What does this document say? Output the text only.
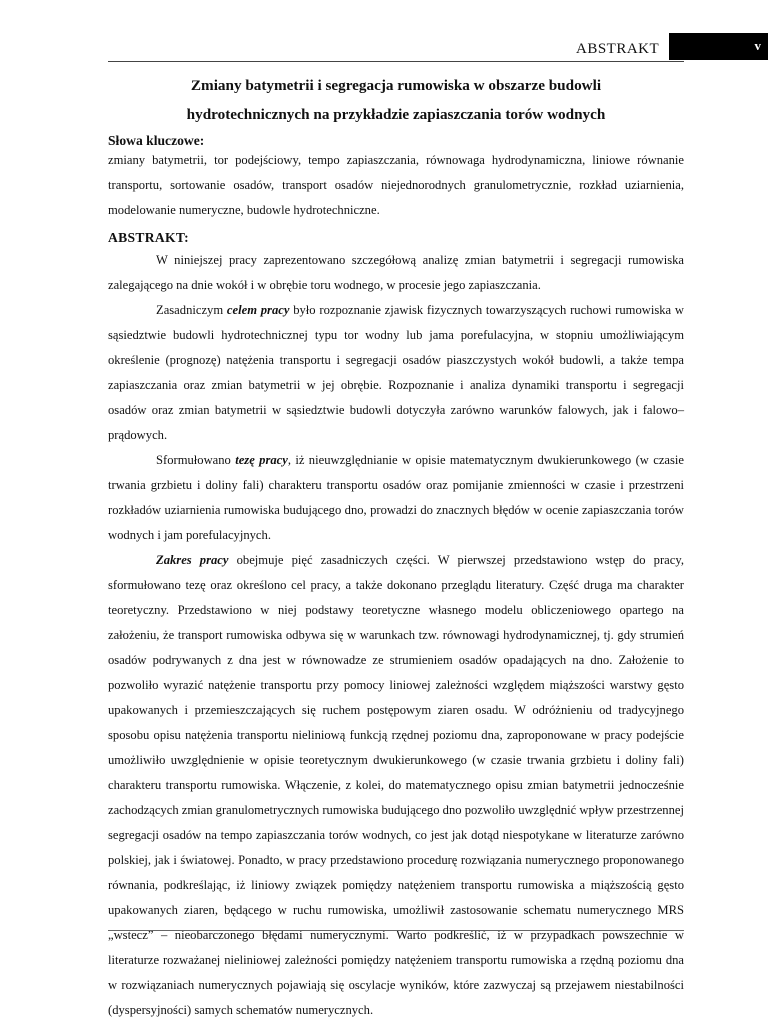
ABSTRAKT	v
Zmiany batymetrii i segregacja rumowiska w obszarze budowli
hydrotechnicznych na przykładzie zapiaszczania torów wodnych
Słowa kluczowe:

zmiany batymetrii, tor podejściowy, tempo zapiaszczania, równowaga hydrodynamiczna, liniowe równanie transportu, sortowanie osadów, transport osadów niejednorodnych granulometrycznie, rozkład uziarnienia, modelowanie numeryczne, budowle hydrotechniczne.

ABSTRAKT:

W niniejszej pracy zaprezentowano szczegółową analizę zmian batymetrii i segregacji rumowiska zalegającego na dnie wokół i w obrębie toru wodnego, w procesie jego zapiaszczania.

Zasadniczym celem pracy było rozpoznanie zjawisk fizycznych towarzyszących ruchowi rumowiska w sąsiedztwie budowli hydrotechnicznej typu tor wodny lub jama porefulacyjna, w stopniu umożliwiającym określenie (prognozę) natężenia transportu i segregacji osadów piaszczystych wokół budowli, a także tempa zapiaszczania oraz zmian batymetrii w jej obrębie. Rozpoznanie i analiza dynamiki transportu i segregacji osadów oraz zmian batymetrii w sąsiedztwie budowli dotyczyła zarówno warunków falowych, jak i falowo–prądowych.

Sformułowano tezę pracy, iż nieuwzględnianie w opisie matematycznym dwukierunkowego (w czasie trwania grzbietu i doliny fali) charakteru transportu osadów oraz pomijanie zmienności w czasie i przestrzeni rozkładów uziarnienia rumowiska budującego dno, prowadzi do znacznych błędów w ocenie zapiaszczania torów wodnych i jam porefulacyjnych.

Zakres pracy obejmuje pięć zasadniczych części. W pierwszej przedstawiono wstęp do pracy, sformułowano tezę oraz określono cel pracy, a także dokonano przeglądu literatury. Część druga ma charakter teoretyczny. Przedstawiono w niej podstawy teoretyczne własnego modelu obliczeniowego opartego na założeniu, że transport rumowiska odbywa się w warunkach tzw. równowagi hydrodynamicznej, tj. gdy strumień osadów podrywanych z dna jest w równowadze ze strumieniem osadów opadających na dno. Założenie to pozwoliło wyrazić natężenie transportu przy pomocy liniowej zależności względem miąższości warstwy gęsto upakowanych i przemieszczających się ruchem postępowym ziaren osadu. W odróżnieniu od tradycyjnego sposobu opisu natężenia transportu nieliniową funkcją rzędnej poziomu dna, zaproponowane w pracy podejście umożliwiło uwzględnienie w opisie teoretycznym dwukierunkowego (w czasie trwania grzbietu i doliny fali) charakteru transportu rumowiska. Włączenie, z kolei, do matematycznego opisu zmian batymetrii jednocześnie zachodzących zmian granulometrycznych rumowiska budującego dno pozwoliło uwzględnić wpływ przestrzennej segregacji osadów na tempo zapiaszczania torów wodnych, co jest jak dotąd niespotykane w literaturze zarówno polskiej, jak i światowej. Ponadto, w pracy przedstawiono procedurę rozwiązania numerycznego proponowanego równania, podkreślając, iż liniowy związek pomiędzy natężeniem transportu rumowiska a miąższością gęsto upakowanych ziaren, będącego w ruchu rumowiska, umożliwił zastosowanie schematu numerycznego MRS „wstecz” – nieobarczonego błędami numerycznymi. Warto podkreślić, iż w przypadkach powszechnie w literaturze rozważanej nieliniowej zależności pomiędzy natężeniem transportu rumowiska a rzędną poziomu dna w rozwiązaniach numerycznych pojawiają się oscylacje wyników, które zazwyczaj są przejawem niestabilności (dyspersyjności) samych schematów numerycznych.
